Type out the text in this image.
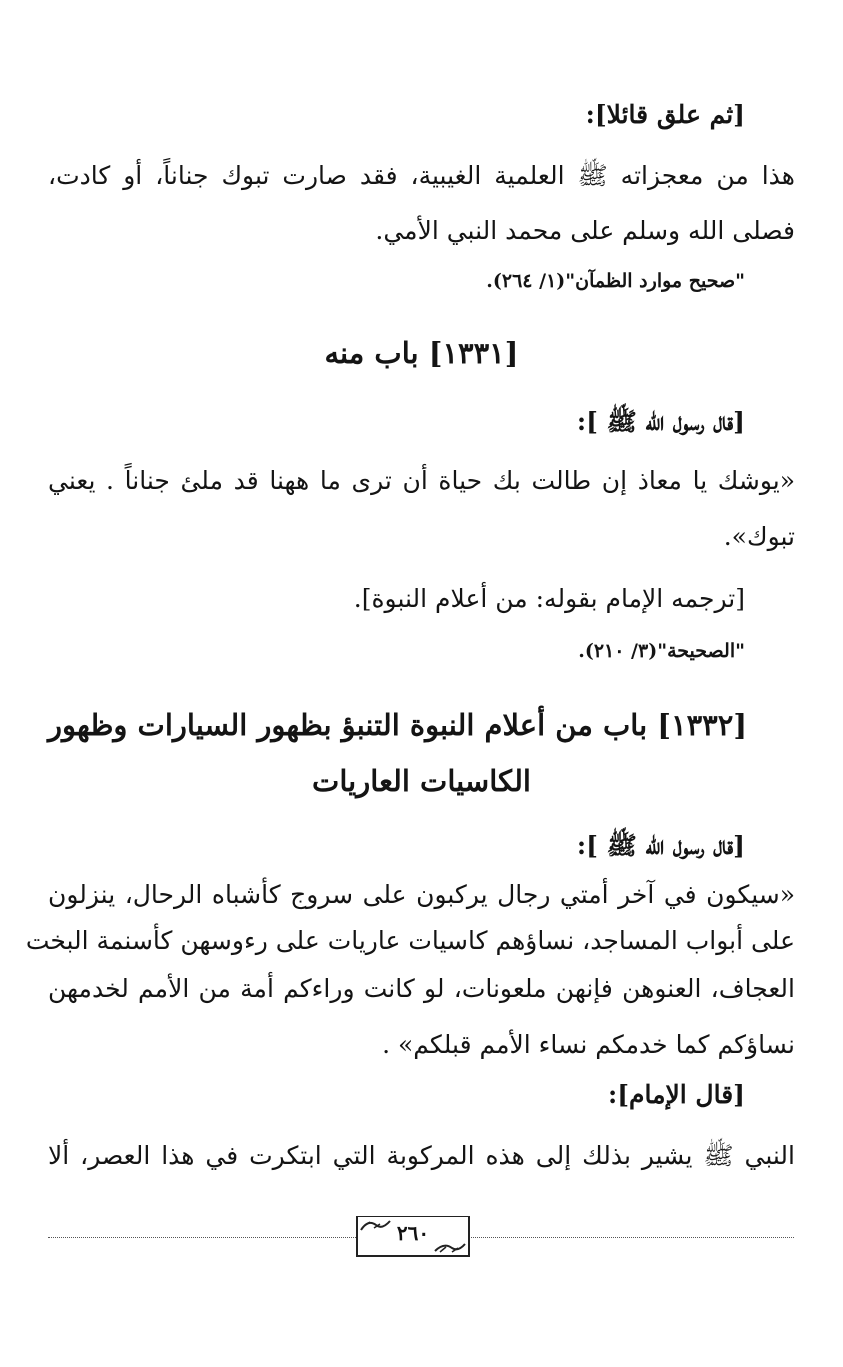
[ثم علق قائلا]:
هذا من معجزاته ﷺ العلمية الغيبية، فقد صارت تبوك جناناً، أو كادت،
فصلى الله وسلم على محمد النبي الأمي.
"صحيح موارد الظمآن"(١/ ٢٦٤).
[١٣٣١] باب منه
[قال رسول الله ﷺ ]:
«يوشك يا معاذ إن طالت بك حياة أن ترى ما ههنا قد ملئ جناناً . يعني
تبوك».
[ترجمه الإمام بقوله: من أعلام النبوة].
"الصحيحة"(٣/ ٢١٠).
[١٣٣٢] باب من أعلام النبوة التنبؤ بظهور السيارات وظهور
الكاسيات العاريات
[قال رسول الله ﷺ ]:
«سيكون في آخر أمتي رجال يركبون على سروج كأشباه الرحال، ينزلون
على أبواب المساجد، نساؤهم كاسيات عاريات على رءوسهن كأسنمة البخت
العجاف، العنوهن فإنهن ملعونات، لو كانت وراءكم أمة من الأمم لخدمهن
نساؤكم كما خدمكم نساء الأمم قبلكم» .
[قال الإمام]:
النبي ﷺ يشير بذلك إلى هذه المركوبة التي ابتكرت في هذا العصر، ألا
٢٦٠
